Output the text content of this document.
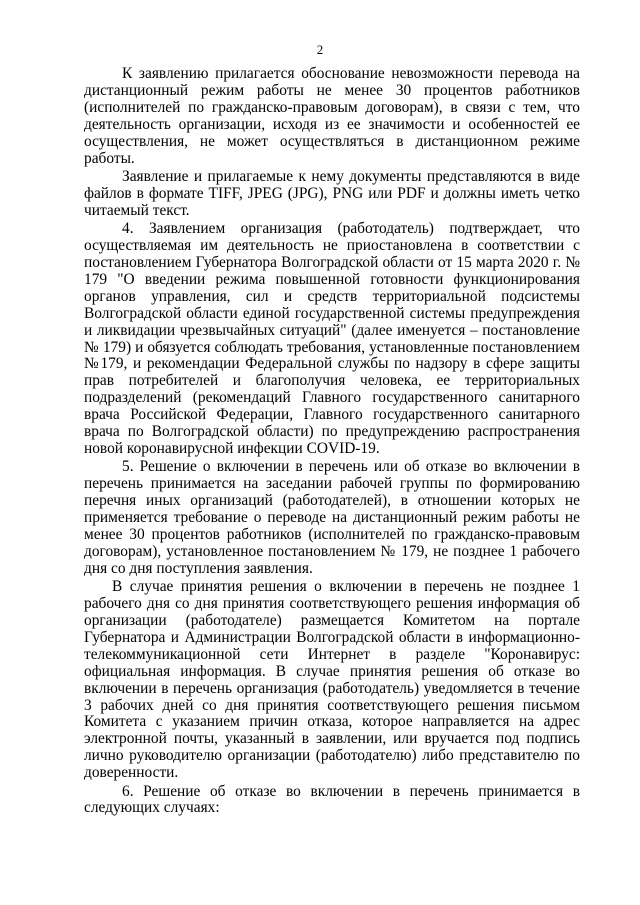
2

К заявлению прилагается обоснование невозможности перевода на дистанционный режим работы не менее 30 процентов работников (исполнителей по гражданско-правовым договорам), в связи с тем, что деятельность организации, исходя из ее значимости и особенностей ее осуществления, не может осуществляться в дистанционном режиме работы.

Заявление и прилагаемые к нему документы представляются в виде файлов в формате TIFF, JPEG (JPG), PNG или PDF и должны иметь четко читаемый текст.

4. Заявлением организация (работодатель) подтверждает, что осуществляемая им деятельность не приостановлена в соответствии с постановлением Губернатора Волгоградской области от 15 марта 2020 г. № 179 "О введении режима повышенной готовности функционирования органов управления, сил и средств территориальной подсистемы Волгоградской области единой государственной системы предупреждения и ликвидации чрезвычайных ситуаций" (далее именуется – постановление № 179) и обязуется соблюдать требования, установленные постановлением №179, и рекомендации Федеральной службы по надзору в сфере защиты прав потребителей и благополучия человека, ее территориальных подразделений (рекомендаций Главного государственного санитарного врача Российской Федерации, Главного государственного санитарного врача по Волгоградской области) по предупреждению распространения новой коронавирусной инфекции COVID-19.

5. Решение о включении в перечень или об отказе во включении в перечень принимается на заседании рабочей группы по формированию перечня иных организаций (работодателей), в отношении которых не применяется требование о переводе на дистанционный режим работы не менее 30 процентов работников (исполнителей по гражданско-правовым договорам), установленное постановлением № 179, не позднее 1 рабочего дня со дня поступления заявления.

В случае принятия решения о включении в перечень не позднее 1 рабочего дня со дня принятия соответствующего решения информация об организации (работодателе) размещается Комитетом на портале Губернатора и Администрации Волгоградской области в информационно-телекоммуникационной сети Интернет в разделе "Коронавирус: официальная информация. В случае принятия решения об отказе во включении в перечень организация (работодатель) уведомляется в течение 3 рабочих дней со дня принятия соответствующего решения письмом Комитета с указанием причин отказа, которое направляется на адрес электронной почты, указанный в заявлении, или вручается под подпись лично руководителю организации (работодателю) либо представителю по доверенности.

6. Решение об отказе во включении в перечень принимается в следующих случаях:
